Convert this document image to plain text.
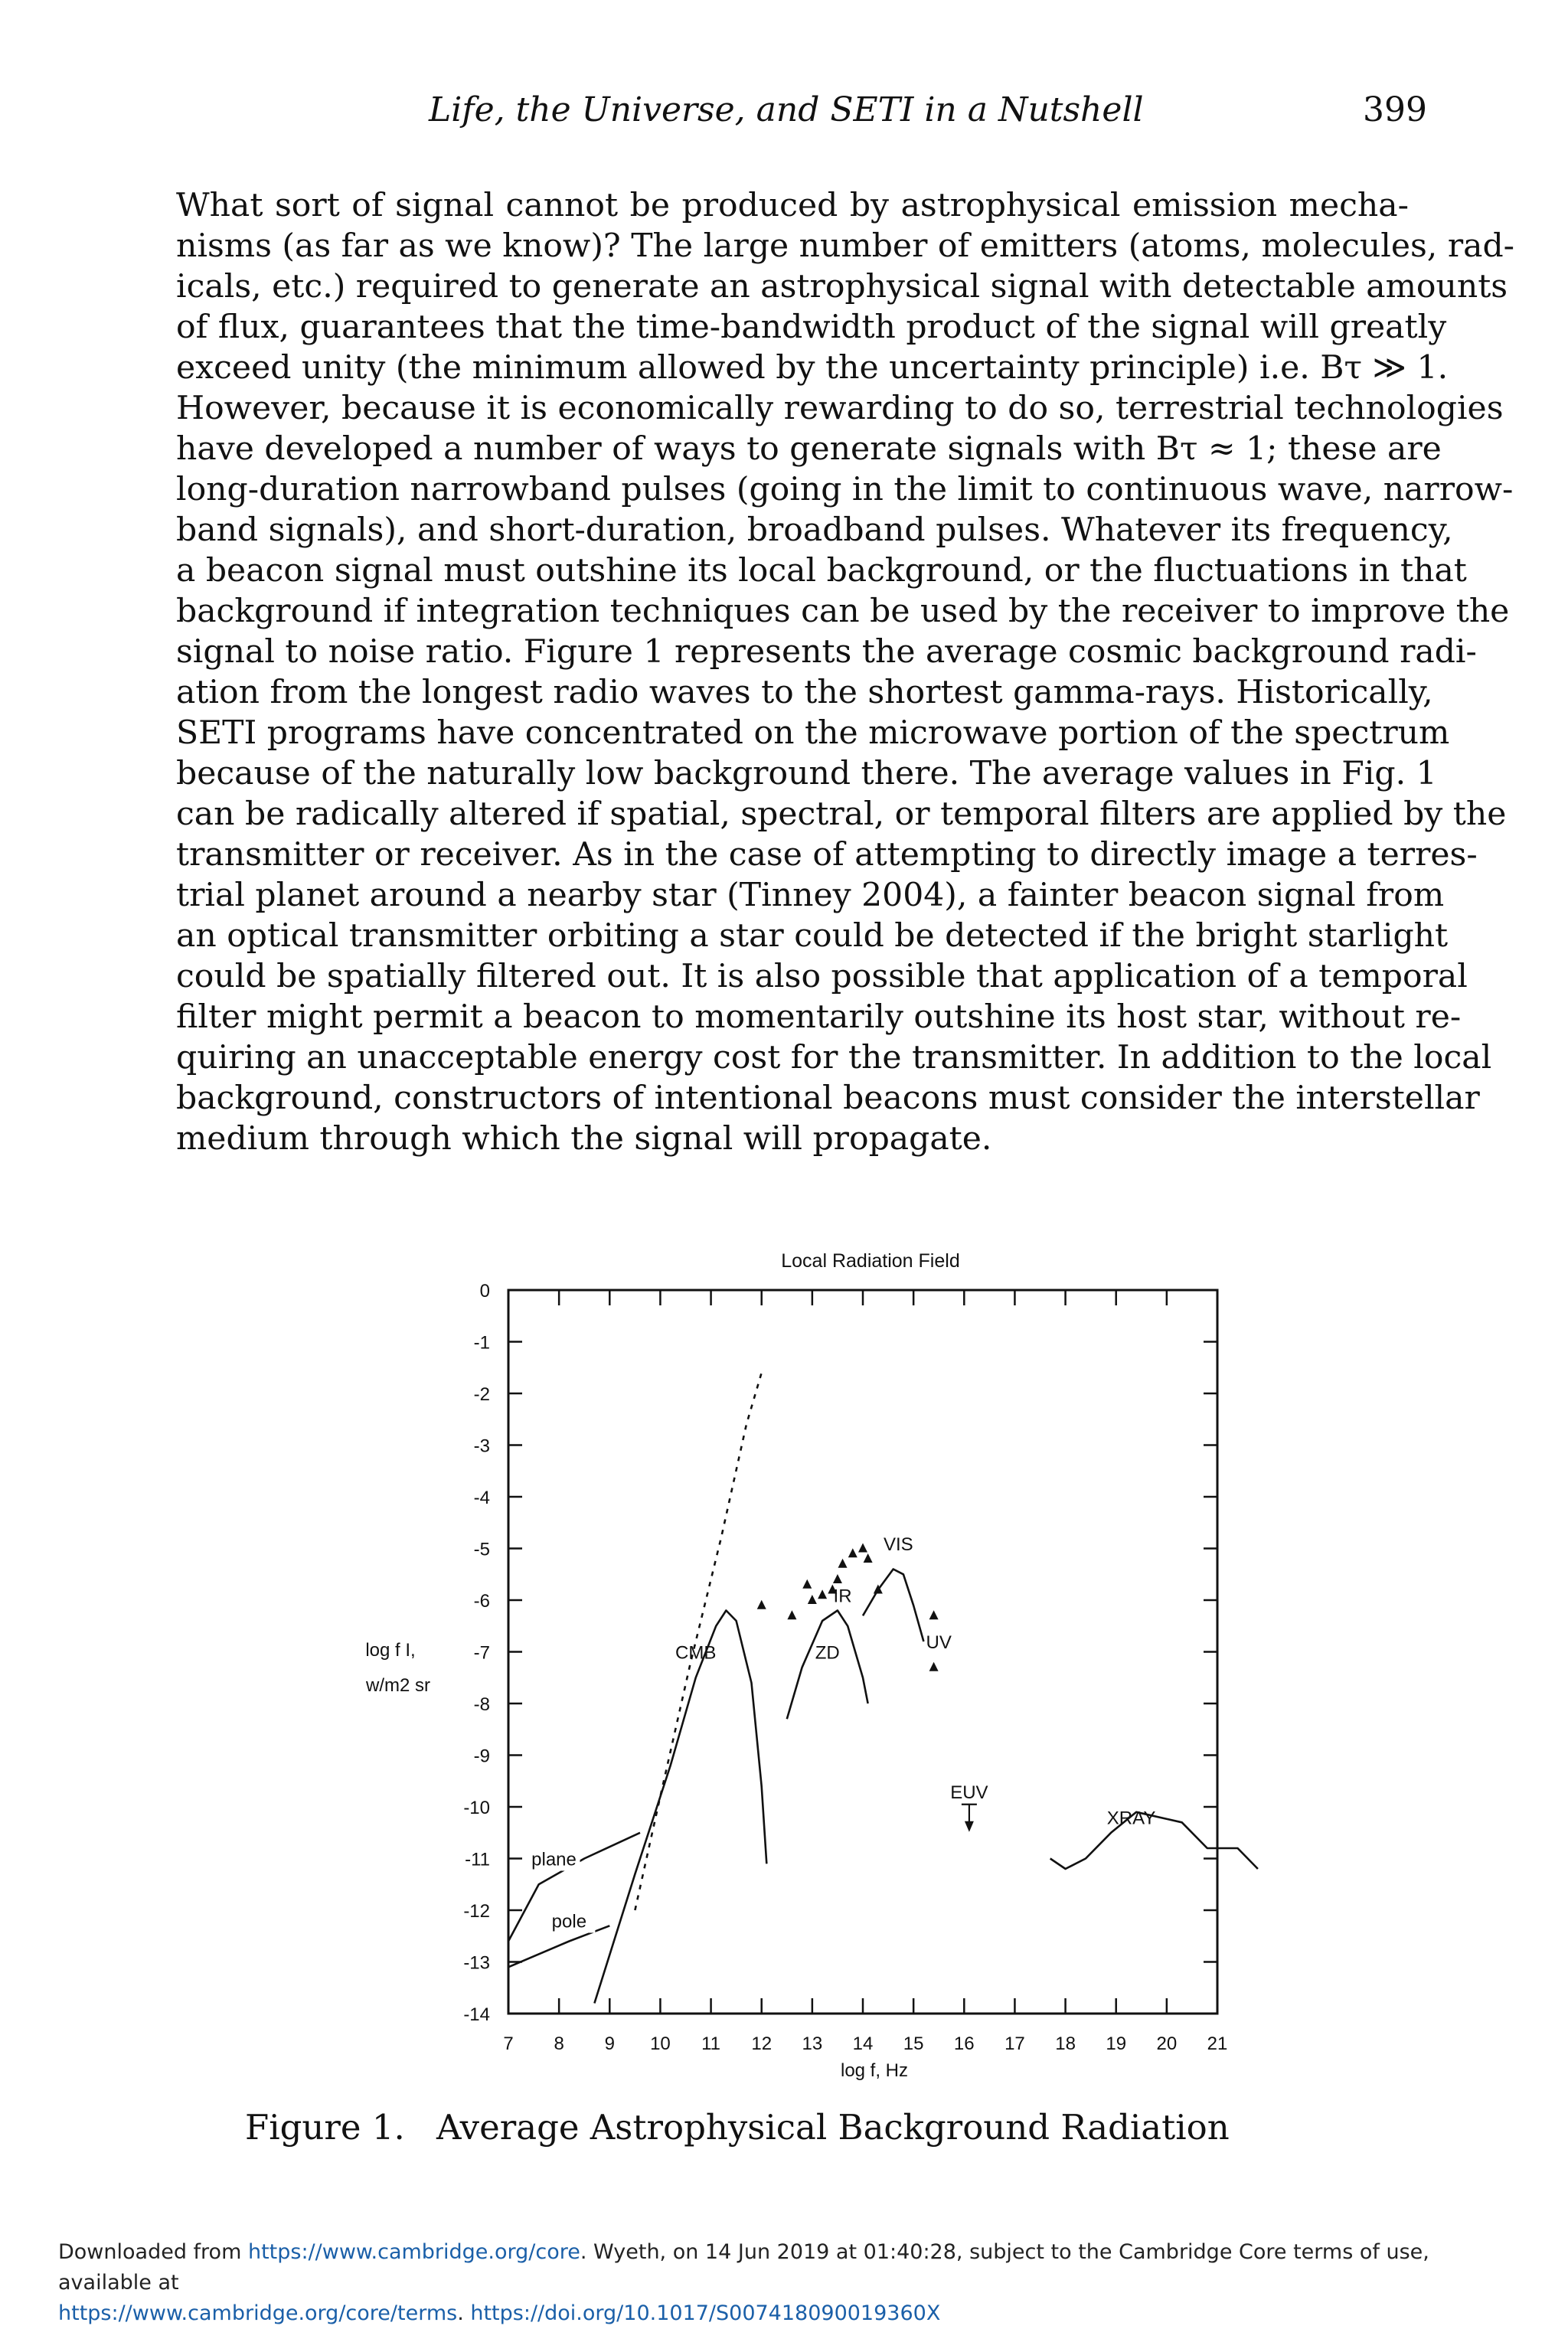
Life, the Universe, and SETI in a Nutshell	399
What sort of signal cannot be produced by astrophysical emission mecha-
nisms (as far as we know)? The large number of emitters (atoms, molecules, rad-
icals, etc.) required to generate an astrophysical signal with detectable amounts
of flux, guarantees that the time-bandwidth product of the signal will greatly
exceed unity (the minimum allowed by the uncertainty principle) i.e. Bτ ≫ 1.
However, because it is economically rewarding to do so, terrestrial technologies
have developed a number of ways to generate signals with Bτ ≈ 1; these are
long-duration narrowband pulses (going in the limit to continuous wave, narrow-
band signals), and short-duration, broadband pulses. Whatever its frequency,
a beacon signal must outshine its local background, or the fluctuations in that
background if integration techniques can be used by the receiver to improve the
signal to noise ratio. Figure 1 represents the average cosmic background radi-
ation from the longest radio waves to the shortest gamma-rays. Historically,
SETI programs have concentrated on the microwave portion of the spectrum
because of the naturally low background there. The average values in Fig. 1
can be radically altered if spatial, spectral, or temporal filters are applied by the
transmitter or receiver. As in the case of attempting to directly image a terres-
trial planet around a nearby star (Tinney 2004), a fainter beacon signal from
an optical transmitter orbiting a star could be detected if the bright starlight
could be spatially filtered out. It is also possible that application of a temporal
filter might permit a beacon to momentarily outshine its host star, without re-
quiring an unacceptable energy cost for the transmitter. In addition to the local
background, constructors of intentional beacons must consider the interstellar
medium through which the signal will propagate.
Local Radiation Field
7 8 9 10 11 12 13 14 15 16 17 18 19 20 21
0
-1
-2
-3
-4
-5
-6
-7
-8
-9
-10
-11
-12
-13
-14
log f, Hz
log f I, w/m2 sr
CMB
plane
pole
ZD
IR
VIS
UV
EUV
XRAY
Figure 1. Average Astrophysical Background Radiation
Downloaded from https://www.cambridge.org/core. Wyeth, on 14 Jun 2019 at 01:40:28, subject to the Cambridge Core terms of use, available at
https://www.cambridge.org/core/terms. https://doi.org/10.1017/S007418090019360X
